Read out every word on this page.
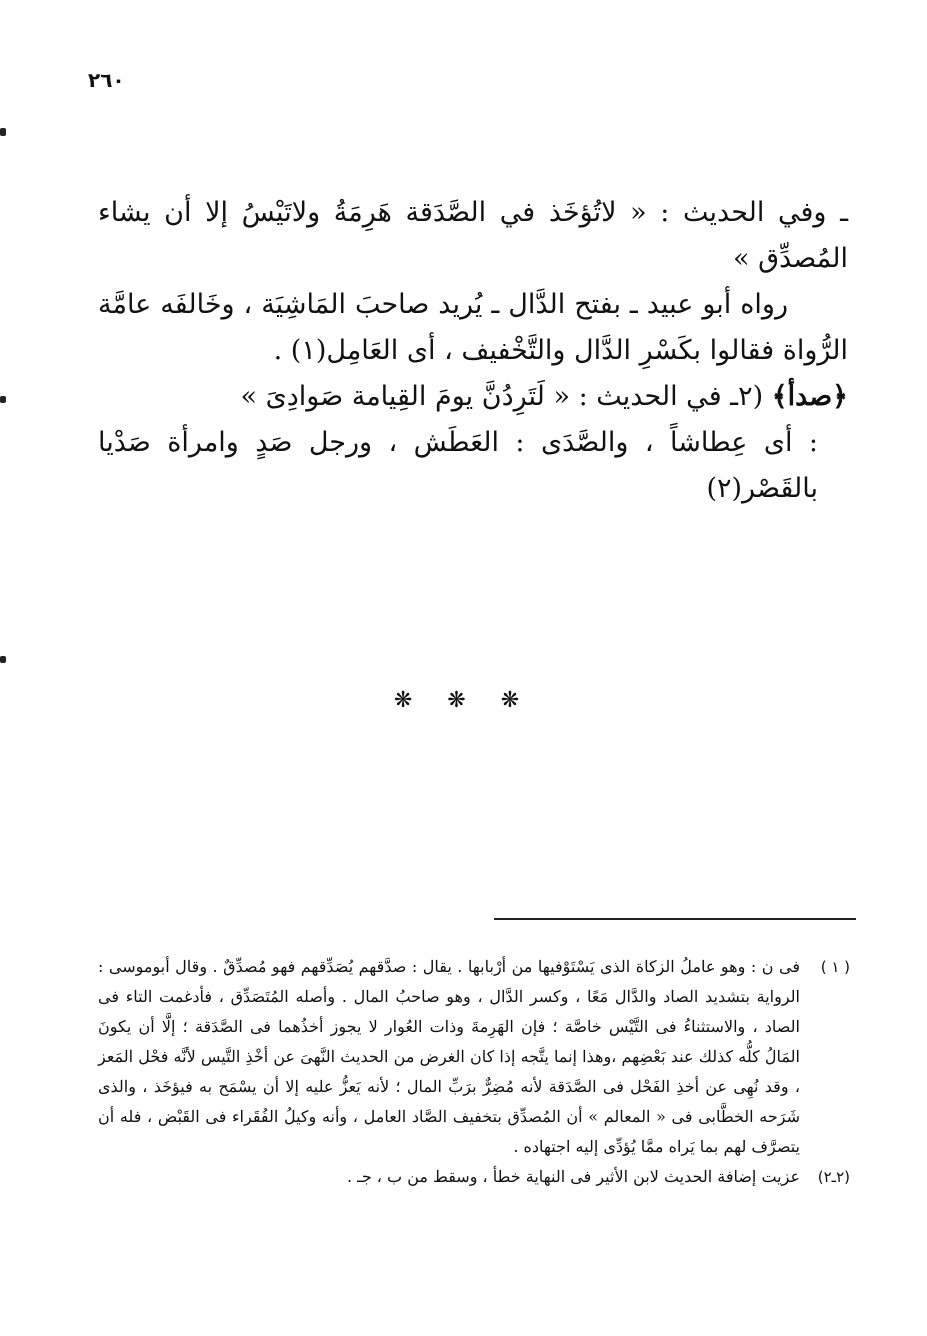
٢٦٠

ـ وفي الحديث : « لاتُؤخَذ في الصَّدَقة هَرِمَةُ ولاتَيْسُ إلا أن يشاء المُصدِّق »

رواه أبو عبيد ـ بفتح الدَّال ـ يُريد صاحبَ المَاشِيَة ، وخَالفَه عامَّة الرُّواة فقالوا بكَسْرِ الدَّال والتَّخْفيف ، أى العَامِل(١) .

﴿صدأ﴾ (٢ـ في الحديث : « لَتَرِدُنَّ يومَ القِيامة صَوادِىَ »

: أى عِطاشاً ، والصَّدَى : العَطَش ، ورجل صَدٍ وامرأة صَدْيا بالقَصْر(٢)

❋ ❋ ❋
( ١ )
فى ن : وهو عاملُ الزكاة الذى يَسْتَوْفيها من أرْبابها . يقال : صدَّقهم يُصَدِّقهم فهو مُصدِّقٌ . وقال أبوموسى : الرواية بتشديد الصاد والدَّال مَعًا ، وكسر الدَّال ، وهو صاحبُ المال . وأصله المُتَصَدِّق ، فأدغمت التاء فى الصاد ، والاستثناءُ فى التَّيْس خاصَّة ؛ فإن الهَرِمةَ وذات العُوار لا يجوز أخذُهما فى الصَّدَقة ؛ إلَّا أن يكونَ المَالُ كلُّه كذلك عند بَعْضِهم ،وهذا إنما يتَّجه إذا كان الغرض من الحديث النَّهىَ عن أخْذِ التَّيس لأنَّه فحْل المَعز ، وقد نُهِى عن أخذِ الفَحْل فى الصَّدَقة لأنه مُضِرٌّ برَبِّ المال ؛ لأنه يَعزُّ عليه إلا أن يسْمَح به فيؤخَذ ، والذى شَرَحه الخطَّابى فى « المعالم » أن المُصدِّق بتخفيف الصَّاد العامل ، وأنه وكيلُ الفُقَراء فى القَبْض ، فله أن يتصرَّف لهم بما يَراه ممَّا يُؤدِّى إليه اجتهاده .
(٢ـ٢)
عزيت إضافة الحديث لابن الأثير فى النهاية خطأ ، وسقط من ب ، جـ .
